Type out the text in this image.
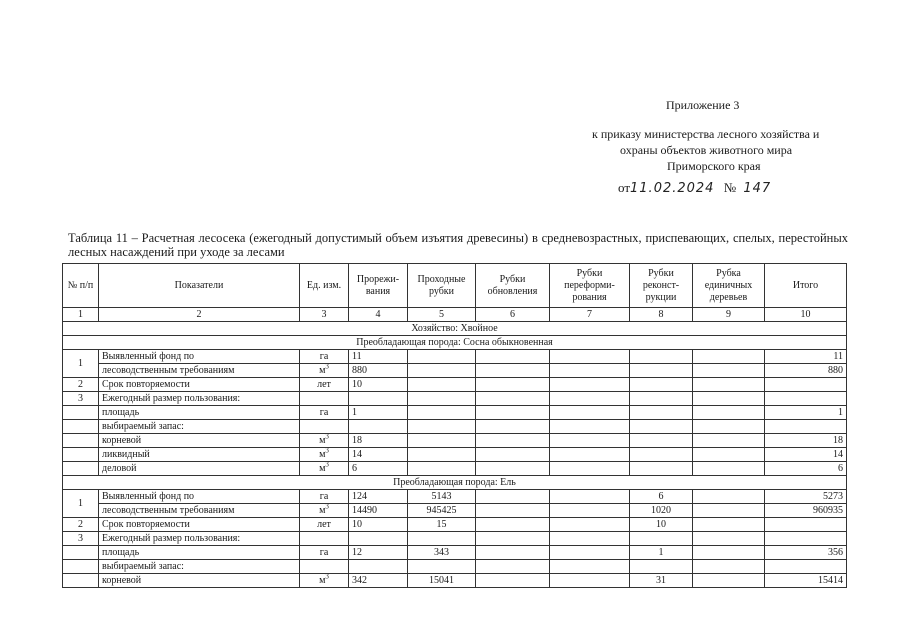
Приложение 3
к приказу министерства лесного хозяйства и
охраны объектов животного мира
Приморского края
от11.02.2024 № 147
Таблица 11 – Расчетная лесосека (ежегодный допустимый объем изъятия древесины) в средневозрастных, приспевающих, спелых, перестойных лесных насаждений при уходе за лесами
№ п/п	Показатели	Ед. изм.	Прорежи-вания	Проходные рубки	Рубки обновления	Рубки переформи-рования	Рубки реконст-рукции	Рубка единичных деревьев	Итого
1	2	3	4	5	6	7	8	9	10
Хозяйство: Хвойное									
Преобладающая порода: Сосна обыкновенная									
1	Выявленный фонд по	га	11						11
	лесоводственным требованиям	$м^3$	880						880
2	Срок повторяемости	лет	10						
3	Ежегодный размер пользования:								
	площадь	га	1						1
	выбираемый запас:								
	корневой	$м^3$	18						18
	ликвидный	$м^3$	14						14
	деловой	$м^3$	6						6
Преобладающая порода: Ель									
1	Выявленный фонд по	га	124	5143			6		5273
	лесоводственным требованиям	$м^3$	14490	945425			1020		960935
2	Срок повторяемости	лет	10	15			10		
3	Ежегодный размер пользования:								
	площадь	га	12	343			1		356
	выбираемый запас:								
	корневой	$м^3$	342	15041			31		15414
